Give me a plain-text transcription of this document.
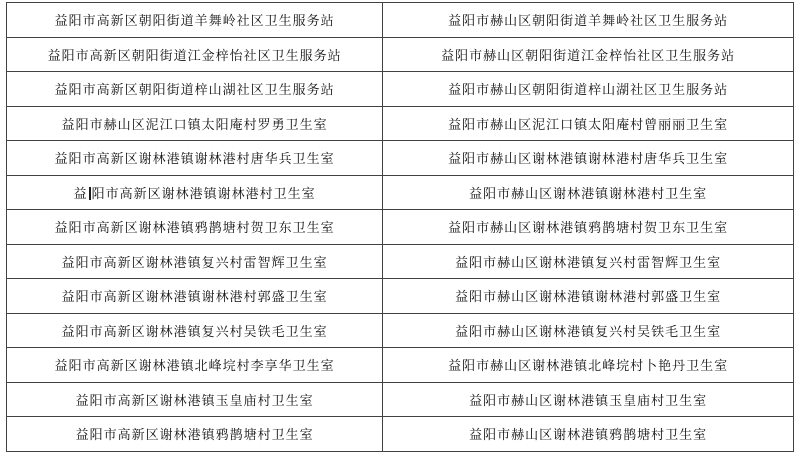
益阳市高新区朝阳街道羊舞岭社区卫生服务站	益阳市赫山区朝阳街道羊舞岭社区卫生服务站
益阳市高新区朝阳街道江金梓怡社区卫生服务站	益阳市赫山区朝阳街道江金梓怡社区卫生服务站
益阳市高新区朝阳街道梓山湖社区卫生服务站	益阳市赫山区朝阳街道梓山湖社区卫生服务站
益阳市赫山区泥江口镇太阳庵村罗勇卫生室	益阳市赫山区泥江口镇太阳庵村曾丽丽卫生室
益阳市高新区谢林港镇谢林港村唐华兵卫生室	益阳市赫山区谢林港镇谢林港村唐华兵卫生室
益 阳市高新区谢林港镇谢林港村卫生室	益阳市赫山区谢林港镇谢林港村卫生室
益阳市高新区谢林港镇鸦鹊塘村贺卫东卫生室	益阳市赫山区谢林港镇鸦鹊塘村贺卫东卫生室
益阳市高新区谢林港镇复兴村雷智辉卫生室	益阳市赫山区谢林港镇复兴村雷智辉卫生室
益阳市高新区谢林港镇谢林港村郭盛卫生室	益阳市赫山区谢林港镇谢林港村郭盛卫生室
益阳市高新区谢林港镇复兴村吴铁毛卫生室	益阳市赫山区谢林港镇复兴村吴铁毛卫生室
益阳市高新区谢林港镇北峰垸村李享华卫生室	益阳市赫山区谢林港镇北峰垸村卜艳丹卫生室
益阳市高新区谢林港镇玉皇庙村卫生室	益阳市赫山区谢林港镇玉皇庙村卫生室
益阳市高新区谢林港镇鸦鹊塘村卫生室	益阳市赫山区谢林港镇鸦鹊塘村卫生室
